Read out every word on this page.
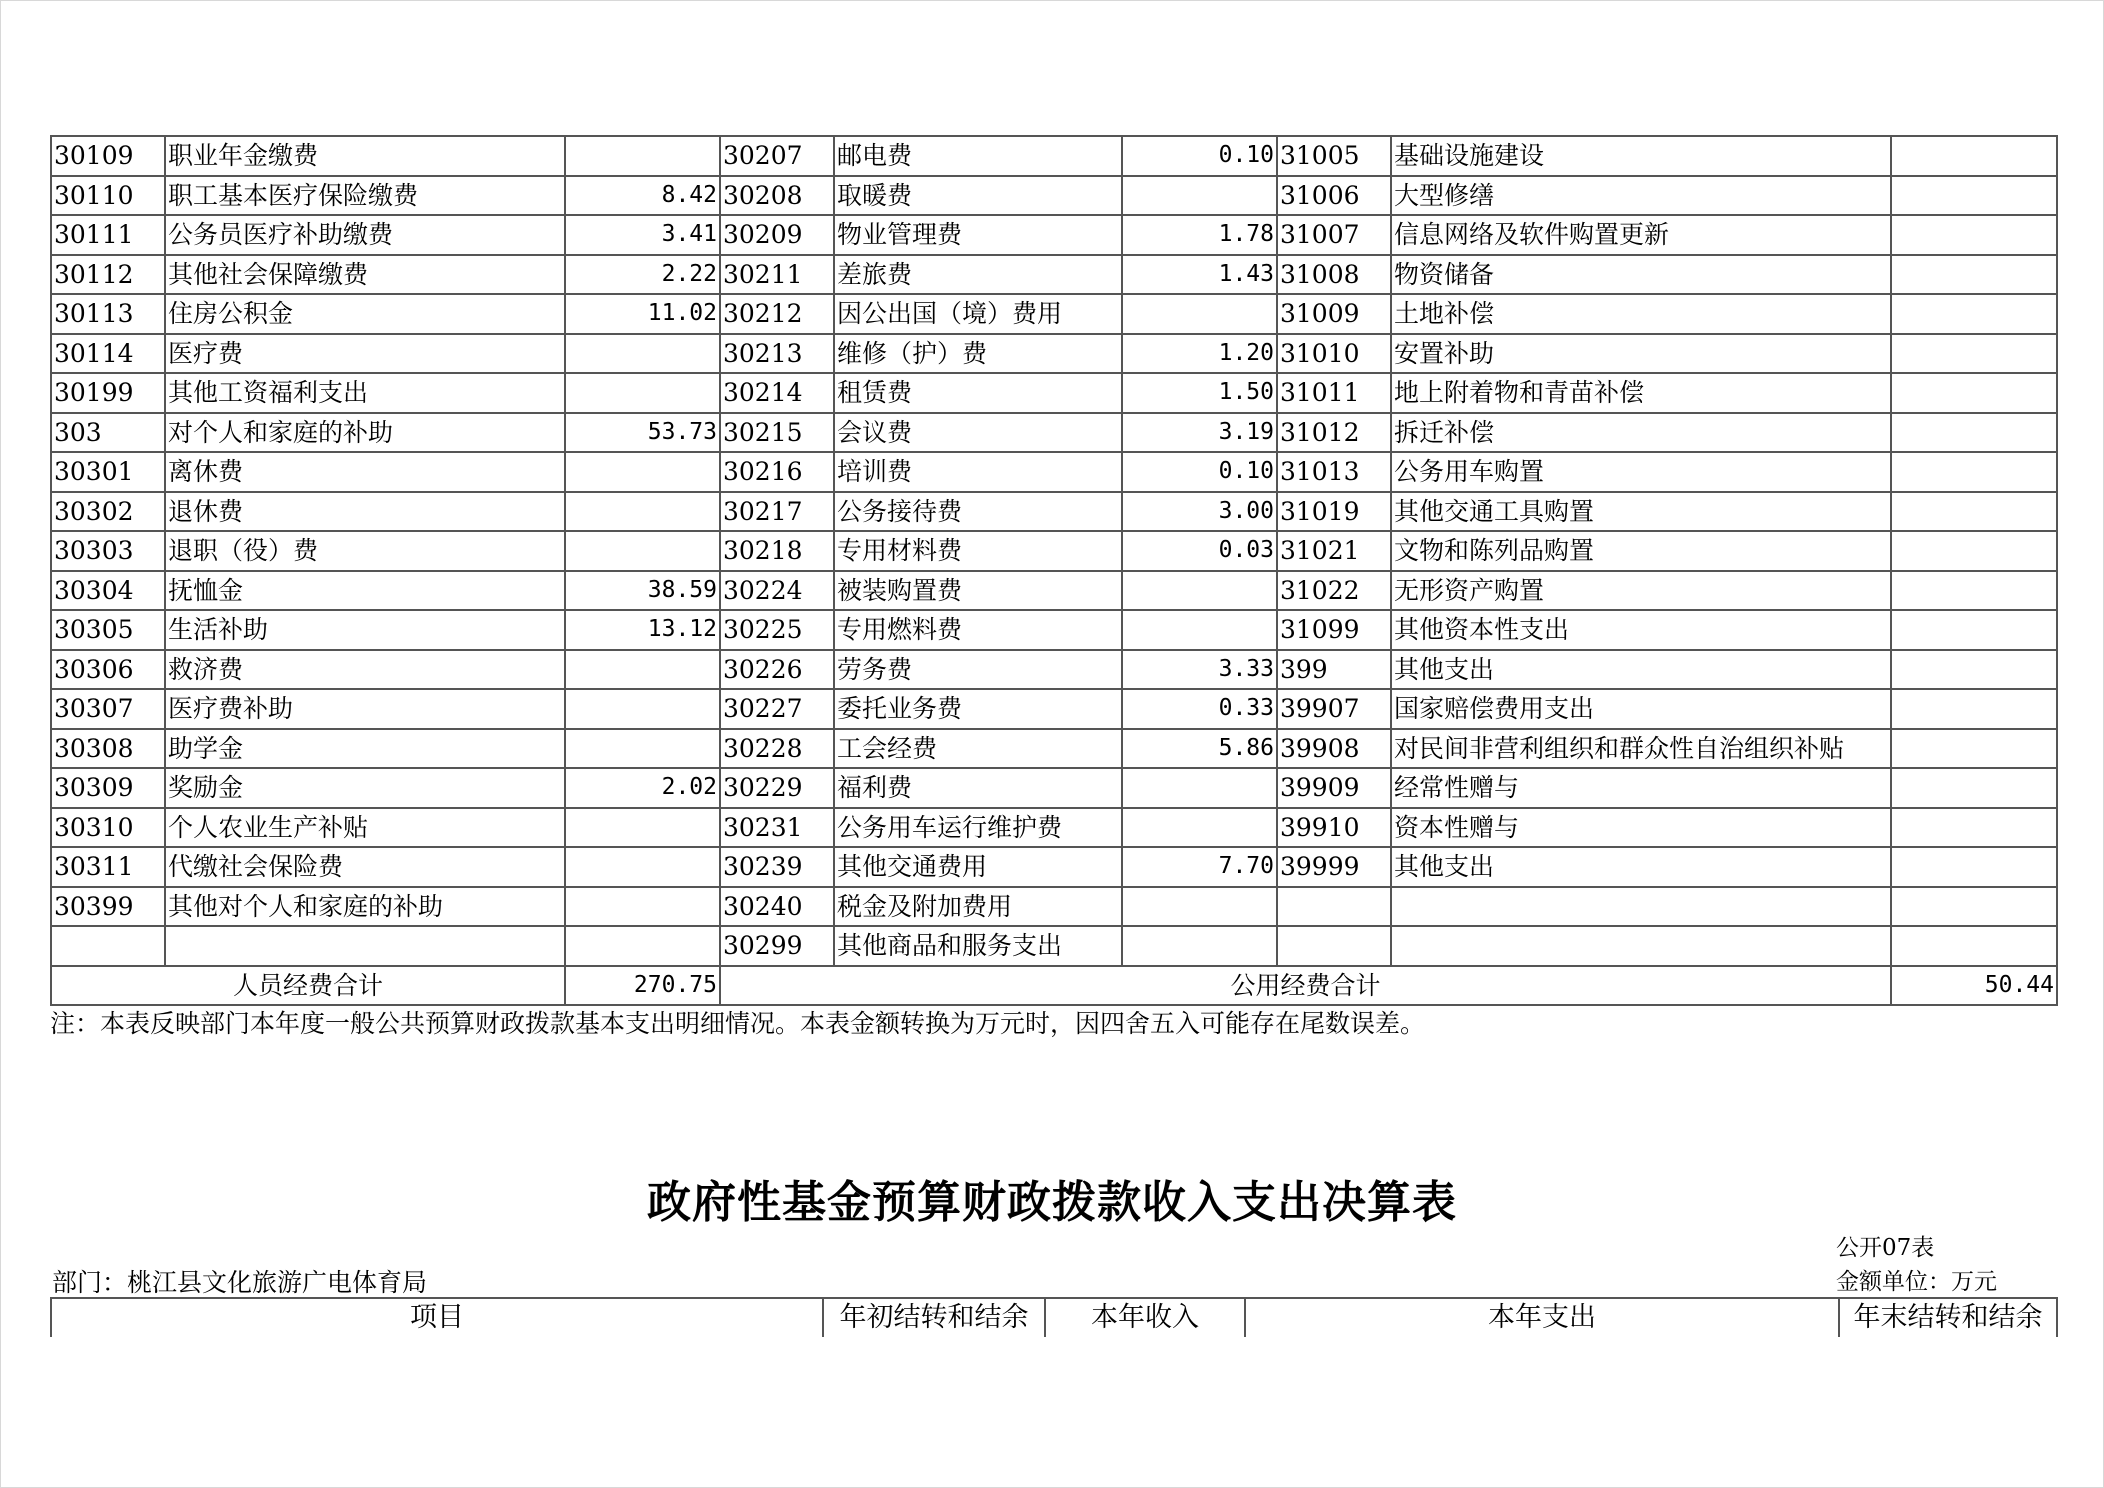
30109	职业年金缴费		30207	邮电费	0.10	31005	基础设施建设	
30110	职工基本医疗保险缴费	8.42	30208	取暖费		31006	大型修缮	
30111	公务员医疗补助缴费	3.41	30209	物业管理费	1.78	31007	信息网络及软件购置更新	
30112	其他社会保障缴费	2.22	30211	差旅费	1.43	31008	物资储备	
30113	住房公积金	11.02	30212	因公出国（境）费用		31009	土地补偿	
30114	医疗费		30213	维修（护）费	1.20	31010	安置补助	
30199	其他工资福利支出		30214	租赁费	1.50	31011	地上附着物和青苗补偿	
303	对个人和家庭的补助	53.73	30215	会议费	3.19	31012	拆迁补偿	
30301	离休费		30216	培训费	0.10	31013	公务用车购置	
30302	退休费		30217	公务接待费	3.00	31019	其他交通工具购置	
30303	退职（役）费		30218	专用材料费	0.03	31021	文物和陈列品购置	
30304	抚恤金	38.59	30224	被装购置费		31022	无形资产购置	
30305	生活补助	13.12	30225	专用燃料费		31099	其他资本性支出	
30306	救济费		30226	劳务费	3.33	399	其他支出	
30307	医疗费补助		30227	委托业务费	0.33	39907	国家赔偿费用支出	
30308	助学金		30228	工会经费	5.86	39908	对民间非营利组织和群众性自治组织补贴	
30309	奖励金	2.02	30229	福利费		39909	经常性赠与	
30310	个人农业生产补贴		30231	公务用车运行维护费		39910	资本性赠与	
30311	代缴社会保险费		30239	其他交通费用	7.70	39999	其他支出	
30399	其他对个人和家庭的补助		30240	税金及附加费用				
			30299	其他商品和服务支出				
人员经费合计		270.75	公用经费合计					50.44
注：本表反映部门本年度一般公共预算财政拨款基本支出明细情况。本表金额转换为万元时，因四舍五入可能存在尾数误差。
政府性基金预算财政拨款收入支出决算表
公开07表
部门：桃江县文化旅游广电体育局	金额单位：万元
项目	年初结转和结余	本年收入	本年支出	年末结转和结余
